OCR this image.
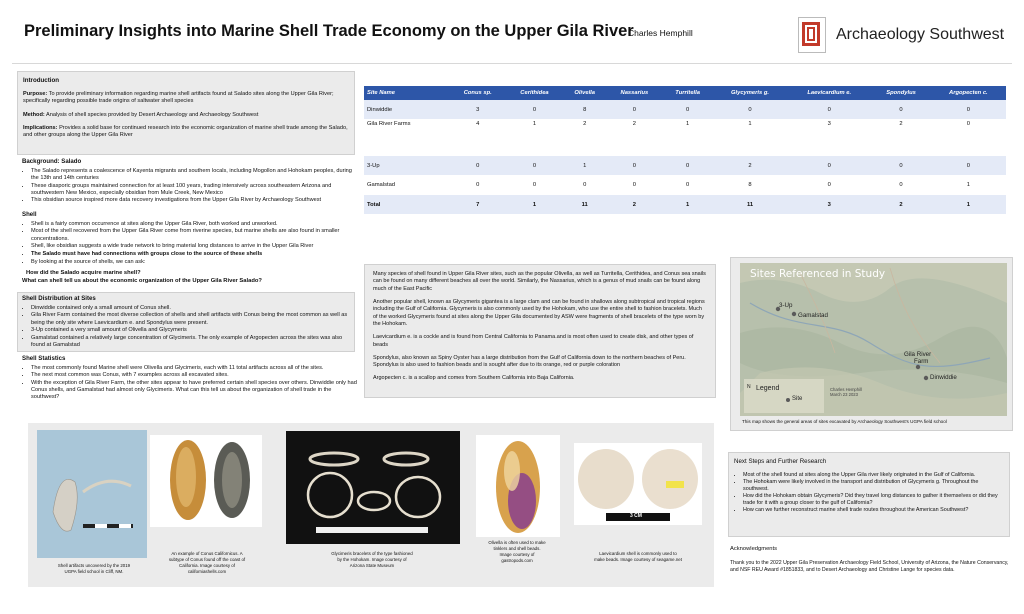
Preliminary Insights into Marine Shell Trade Economy on the Upper Gila River
Charles Hemphill	Archaeology Southwest
Introduction
Purpose: To provide preliminary information regarding marine shell artifacts found at Salado sites along the Upper Gila River; specifically regarding possible trade origins of saltwater shell species
Method: Analysis of shell species provided by Desert Archaeology and Archaeology Southwest
Implications: Provides a solid base for continued research into the economic organization of marine shell trade among the Salado, and other groups along the Upper Gila River
Background: Salado
• The Salado represents a coalescence of Kayenta migrants and southern locals, including Mogollon and Hohokam peoples, during the 13th and 14th centuries
• These diasporic groups maintained connection for at least 100 years, trading intensively across southeastern Arizona and southwestern New Mexico, especially obsidian from Mule Creek, New Mexico
• This obsidian source inspired more data recovery investigations from the Upper Gila River by Archaeology Southwest
Shell
• Shell is a fairly common occurrence at sites along the Upper Gila River, both worked and unworked.
• Most of the shell recovered from the Upper Gila River come from riverine species, but marine shells are also found in smaller concentrations.
• Shell, like obsidian suggests a wide trade network to bring material long distances to arrive in the Upper Gila River
• The Salado must have had connections with groups close to the source of these shells
• By looking at the source of shells, we can ask:
How did the Salado acquire marine shell?
What can shell tell us about the economic organization of the Upper Gila River Salado?
Shell Distribution at Sites
• Dinwiddie contained only a small amount of Conus shell.
• Gila River Farm contained the most diverse collection of shells and shell artifacts with Conus being the most common as well as being the only site where Laevicardium e. and Spondylus were present.
• 3-Up contained a very small amount of Olivella and Glycymeris
• Gamalstad contained a relatively large concentration of Glycimeris. The only example of Argopecten across the sites was also found at Gamalstad
Shell Statistics
• The most commonly found Marine shell were Olivella and Glycimeris, each with 11 total artifacts across all of the sites.
• The next most common was Conus, with 7 examples across all excavated sites.
• With the exception of Gila River Farm, the other sites appear to have preferred certain shell species over others. Dinwiddie only had Conus shells, and Gamalstad had almost only Glycimeris. What can this tell us about the organization of shell trade in the southwest?
Site Name	Conus sp.	Cerithidea	Olivella	Nassarius	Turritella	Glycymeris g.	Laevicardium e.	Spondylus	Argopecten c.
Dinwiddie	3	0	8	0	0	0	0	0	0
Gila River Farms	4	1	2	2	1	1	3	2	0
3-Up	0	0	1	0	0	2	0	0	0
Gamalstad	0	0	0	0	0	8	0	0	1
Total	7	1	11	2	1	11	3	2	1

Many species of shell found in Upper Gila River sites, such as the popular Olivella, as well as Turritella, Cerithidea, and Conus sea snails can be found on many different beaches all over the world. Similarly, the Nassarius, which is a genus of mud snails can be found along much of the East Pacific

Another popular shell, known as Glycymeris gigantea is a large clam and can be found in shallows along subtropical and tropical regions including the Gulf of California. Glycymeris is also commonly used by the Hohokam, who use the entire shell to fashion bracelets. Much of the worked Glycymeris found at sites along the Upper Gila documented by ASW were fragments of shell bracelets of the type worn by the Hohokam.

Laevicardium e. is a cockle and is found from Central California to Panama.and is most often used to create disk, and other types of beads

Spondylus, also known as Spiny Oyster has a large distribution from the Gulf of California down to the northern beaches of Peru. Spondylus is also used to fashion beads and is sought after due to its orange, red or purple coloration

Argopecten c. is a scallop and comes from Southern California into Baja California.

Sites Referenced in Study
3-Up
Gamalstad
Gila River
Farm
Dinwiddie
N Legend
Site
Charles Hemphill
March 23 2023
This map shows the general areas of sites excavated by Archaeology Southwest's UGPA field school
Shell artifacts uncovered by the 2019
UGPA field school in Cliff, NM.
An example of Conus Californicus. A
subtype of Conus found off the coast of
California. Image courtesy of
californiashells.com
Glycimeris bracelets of the type fashioned
by the Hohokam. Image courtesy of
Arizona State Museum
Olivella is often used to make
tinklers and shell beads.
Image courtesy of
gastropods.com
3 CM
Laevicardium shell is commonly used to
make beads. Image courtesy of seagame.net
Next Steps and Further Research
• Most of the shell found at sites along the Upper Gila river likely originated in the Gulf of California.
• The Hohokam were likely involved in the transport and distribution of Glycymeris g. Throughout the southwest.
• How did the Hohokam obtain Glycymeris? Did they travel long distances to gather it themselves or did they trade for it with a group closer to the gulf of California?
• How can we further reconstruct marine shell trade routes throughout the American Southwest?
Acknowledgments
Thank you to the 2022 Upper Gila Preservation Archaeology Field School, University of Arizona, the Nature Conservancy, and NSF REU Award #1851833, and to Desert Archaeology and Christine Lange for species data.
